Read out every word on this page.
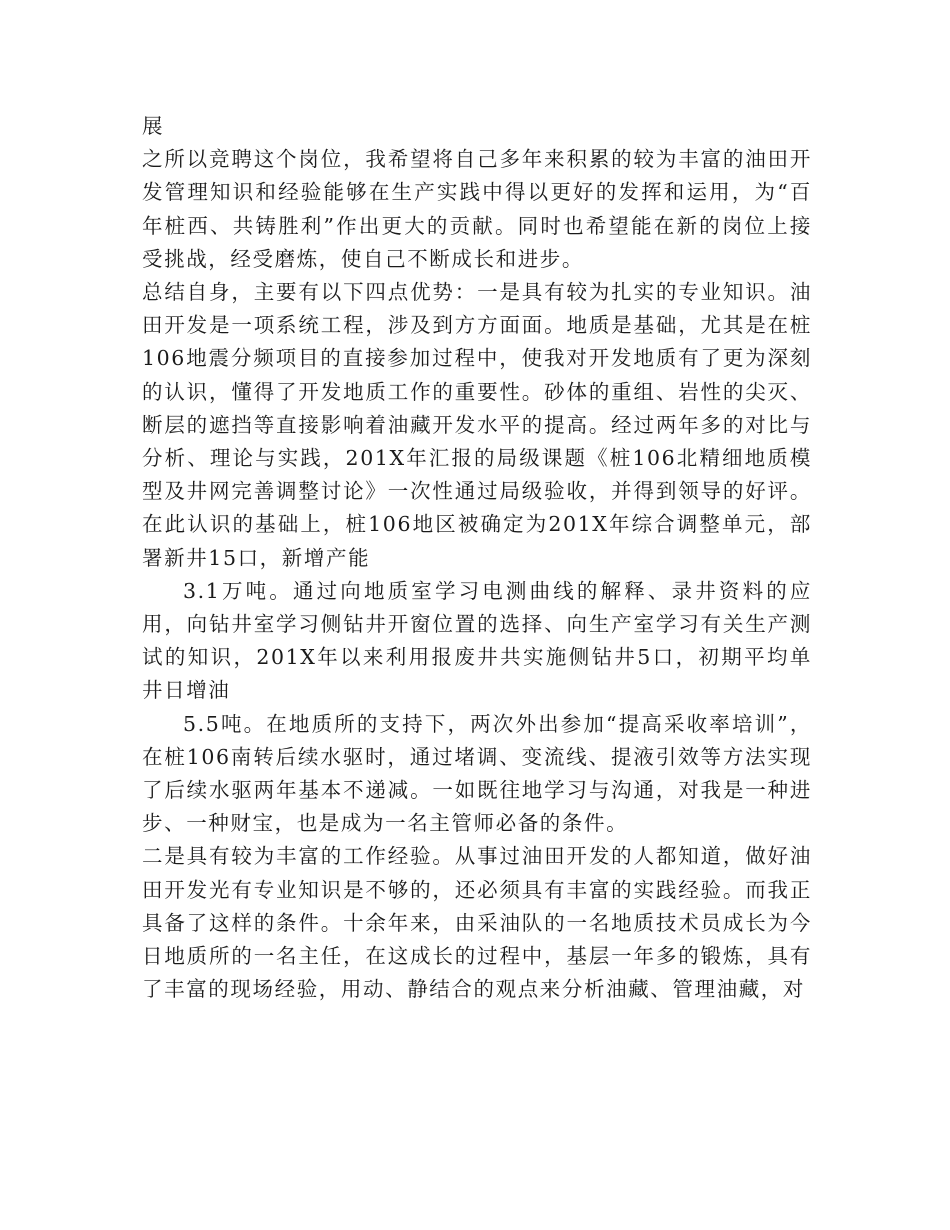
展

之所以竞聘这个岗位，我希望将自己多年来积累的较为丰富的油田开发管理知识和经验能够在生产实践中得以更好的发挥和运用，为“百年桩西、共铸胜利”作出更大的贡献。同时也希望能在新的岗位上接受挑战，经受磨炼，使自己不断成长和进步。

总结自身，主要有以下四点优势：一是具有较为扎实的专业知识。油田开发是一项系统工程，涉及到方方面面。地质是基础，尤其是在桩106地震分频项目的直接参加过程中，使我对开发地质有了更为深刻的认识，懂得了开发地质工作的重要性。砂体的重组、岩性的尖灭、断层的遮挡等直接影响着油藏开发水平的提高。经过两年多的对比与分析、理论与实践，201X年汇报的局级课题《桩106北精细地质模型及井网完善调整讨论》一次性通过局级验收，并得到领导的好评。在此认识的基础上，桩106地区被确定为201X年综合调整单元，部署新井15口，新增产能

3.1万吨。通过向地质室学习电测曲线的解释、录井资料的应用，向钻井室学习侧钻井开窗位置的选择、向生产室学习有关生产测试的知识，201X年以来利用报废井共实施侧钻井5口，初期平均单井日增油

5.5吨。在地质所的支持下，两次外出参加“提高采收率培训”，在桩106南转后续水驱时，通过堵调、变流线、提液引效等方法实现了后续水驱两年基本不递减。一如既往地学习与沟通，对我是一种进步、一种财宝，也是成为一名主管师必备的条件。

二是具有较为丰富的工作经验。从事过油田开发的人都知道，做好油田开发光有专业知识是不够的，还必须具有丰富的实践经验。而我正具备了这样的条件。十余年来，由采油队的一名地质技术员成长为今日地质所的一名主任，在这成长的过程中，基层一年多的锻炼，具有了丰富的现场经验，用动、静结合的观点来分析油藏、管理油藏，对
